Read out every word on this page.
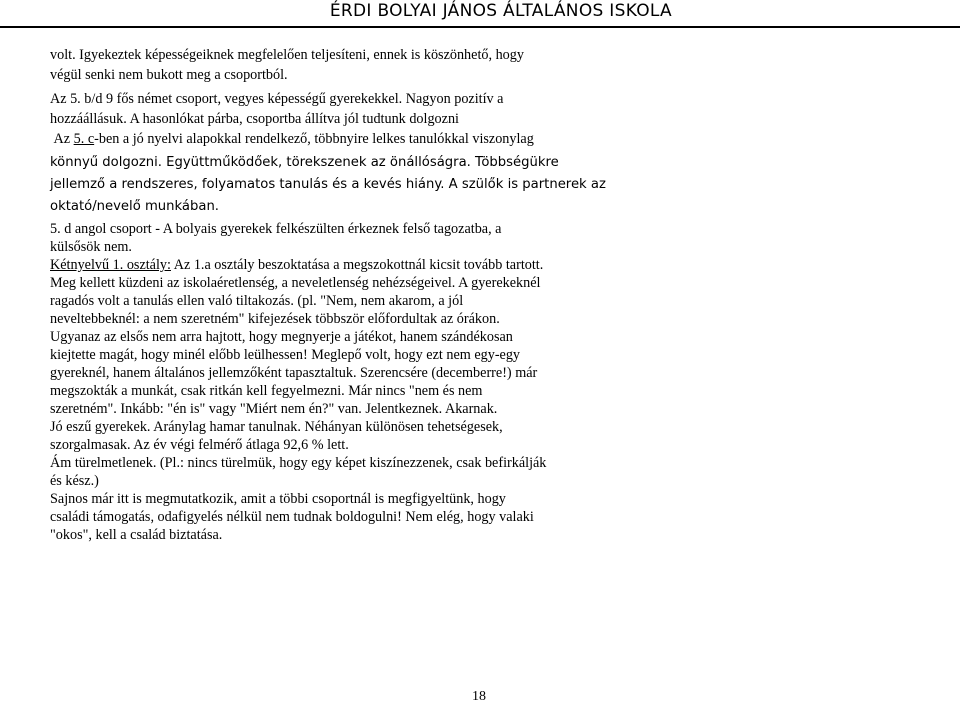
ÉRDI BOLYAI JÁNOS ÁLTALÁNOS ISKOLA
volt. Igyekeztek képességeiknek megfelelően teljesíteni, ennek is köszönhető, hogy
végül senki nem bukott meg a csoportból.
Az 5. b/d 9 fős német csoport, vegyes képességű gyerekekkel. Nagyon pozitív a
hozzáállásuk. A hasonlókat párba, csoportba állítva jól tudtunk dolgozni
Az 5. c-ben a jó nyelvi alapokkal rendelkező, többnyire lelkes tanulókkal viszonylag
könnyű dolgozni. Együttműködőek, törekszenek az önállóságra. Többségükre
jellemző a rendszeres, folyamatos tanulás és a kevés hiány. A szülők is partnerek az
oktató/nevelő munkában.
5. d angol csoport - A bolyais gyerekek felkészülten érkeznek felső tagozatba, a
külsősök nem.
Kétnyelvű 1. osztály: Az 1.a osztály beszoktatása a megszokottnál kicsit tovább tartott.
Meg kellett küzdeni az iskolaéretlenség, a neveletlenség nehézségeivel. A gyerekeknél
ragadós volt a tanulás ellen való tiltakozás. (pl. "Nem, nem akarom, a jól
neveltebbeknél: a nem szeretném" kifejezések többször előfordultak az órákon.
Ugyanaz az elsős nem arra hajtott, hogy megnyerje a játékot, hanem szándékosan
kiejtette magát, hogy minél előbb leülhessen! Meglepő volt, hogy ezt nem egy-egy
gyereknél, hanem általános jellemzőként tapasztaltuk. Szerencsére (decemberre!) már
megszokták a munkát, csak ritkán kell fegyelmezni. Már nincs "nem és nem
szeretném". Inkább: "én is" vagy "Miért nem én?" van. Jelentkeznek. Akarnak.
Jó eszű gyerekek. Aránylag hamar tanulnak. Néhányan különösen tehetségesek,
szorgalmasak. Az év végi felmérő átlaga 92,6 % lett.
Ám türelmetlenek. (Pl.: nincs türelmük, hogy egy képet kiszínezzenek, csak befirkálják
és kész.)
Sajnos már itt is megmutatkozik, amit a többi csoportnál is megfigyeltünk, hogy
családi támogatás, odafigyelés nélkül nem tudnak boldogulni! Nem elég, hogy valaki
"okos", kell a család biztatása.
18
